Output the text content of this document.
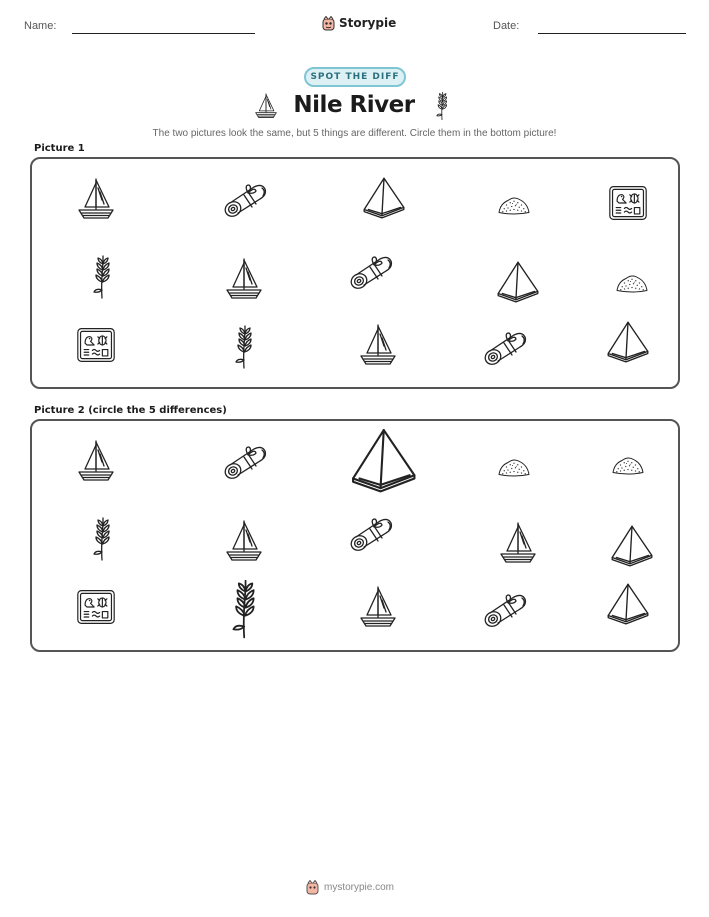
Name:	Storypie	Date:
SPOT THE DIFF
Nile River
The two pictures look the same, but 5 things are different. Circle them in the bottom picture!
Picture 1
Picture 2 (circle the 5 differences)
mystorypie.com
